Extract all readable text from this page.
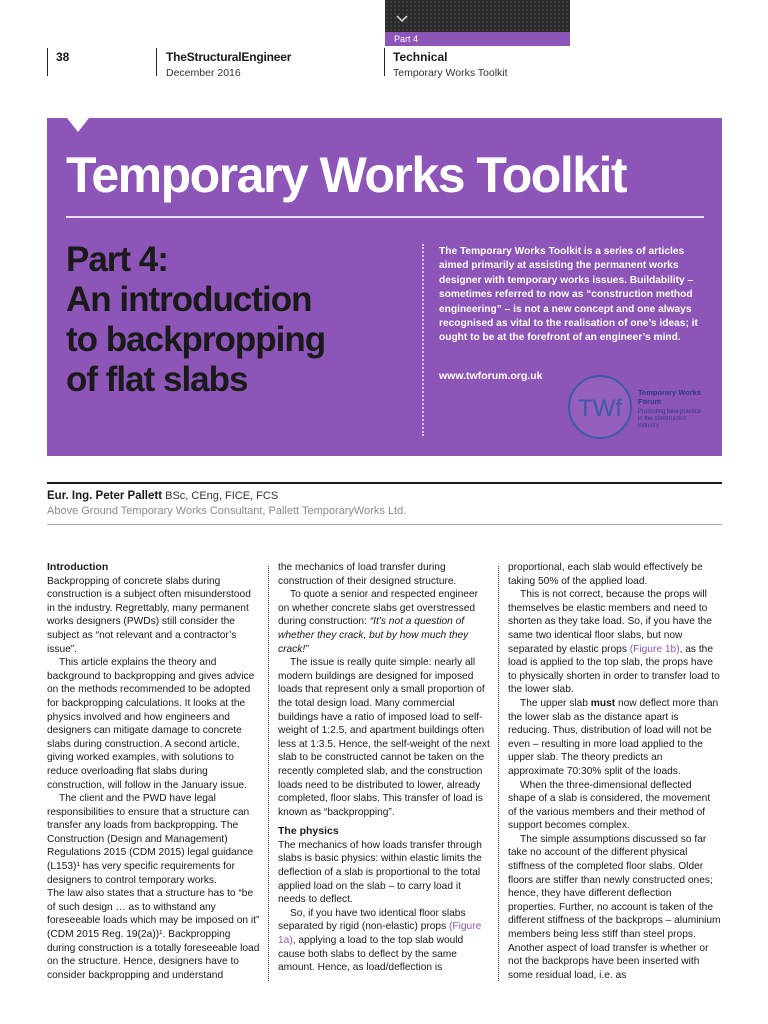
Part 4
38	TheStructuralEngineer
December 2016
Technical
Temporary Works Toolkit
Temporary Works Toolkit
Part 4:
An introduction
to backpropping
of flat slabs
The Temporary Works Toolkit is a series of articles aimed primarily at assisting the permanent works designer with temporary works issues. Buildability – sometimes referred to now as “construction method engineering” – is not a new concept and one always recognised as vital to the realisation of one’s ideas; it ought to be at the forefront of an engineer’s mind.
www.twforum.org.uk
TWf
Temporary Works Forum
Promoting best practice in the construction industry
Eur. Ing. Peter Pallett BSc, CEng, FICE, FCS
Above Ground Temporary Works Consultant, Pallett TemporaryWorks Ltd.
Introduction

Backpropping of concrete slabs during construction is a subject often misunderstood in the industry. Regrettably, many permanent works designers (PWDs) still consider the subject as “not relevant and a contractor’s issue”.

This article explains the theory and background to backpropping and gives advice on the methods recommended to be adopted for backpropping calculations. It looks at the physics involved and how engineers and designers can mitigate damage to concrete slabs during construction. A second article, giving worked examples, with solutions to reduce overloading flat slabs during construction, will follow in the January issue.

The client and the PWD have legal responsibilities to ensure that a structure can transfer any loads from backpropping. The Construction (Design and Management) Regulations 2015 (CDM 2015) legal guidance (L153)¹ has very specific requirements for designers to control temporary works.

The law also states that a structure has to “be of such design … as to withstand any foreseeable loads which may be imposed on it” (CDM 2015 Reg. 19(2a))¹. Backpropping during construction is a totally foreseeable load on the structure. Hence, designers have to consider backpropping and understand

the mechanics of load transfer during construction of their designed structure.

To quote a senior and respected engineer on whether concrete slabs get overstressed during construction: “It’s not a question of whether they crack, but by how much they crack!”

The issue is really quite simple: nearly all modern buildings are designed for imposed loads that represent only a small proportion of the total design load. Many commercial buildings have a ratio of imposed load to self-weight of 1:2.5, and apartment buildings often less at 1:3.5. Hence, the self-weight of the next slab to be constructed cannot be taken on the recently completed slab, and the construction loads need to be distributed to lower, already completed, floor slabs. This transfer of load is known as “backpropping”.

The physics

The mechanics of how loads transfer through slabs is basic physics: within elastic limits the deflection of a slab is proportional to the total applied load on the slab – to carry load it needs to deflect.

So, if you have two identical floor slabs separated by rigid (non-elastic) props (Figure 1a), applying a load to the top slab would cause both slabs to deflect by the same amount. Hence, as load/deflection is

proportional, each slab would effectively be taking 50% of the applied load.

This is not correct, because the props will themselves be elastic members and need to shorten as they take load. So, if you have the same two identical floor slabs, but now separated by elastic props (Figure 1b), as the load is applied to the top slab, the props have to physically shorten in order to transfer load to the lower slab.

The upper slab must now deflect more than the lower slab as the distance apart is reducing. Thus, distribution of load will not be even – resulting in more load applied to the upper slab. The theory predicts an approximate 70:30% split of the loads.

When the three-dimensional deflected shape of a slab is considered, the movement of the various members and their method of support becomes complex.

The simple assumptions discussed so far take no account of the different physical stiffness of the completed floor slabs. Older floors are stiffer than newly constructed ones; hence, they have different deflection properties. Further, no account is taken of the different stiffness of the backprops – aluminium members being less stiff than steel props. Another aspect of load transfer is whether or not the backprops have been inserted with some residual load, i.e. as
